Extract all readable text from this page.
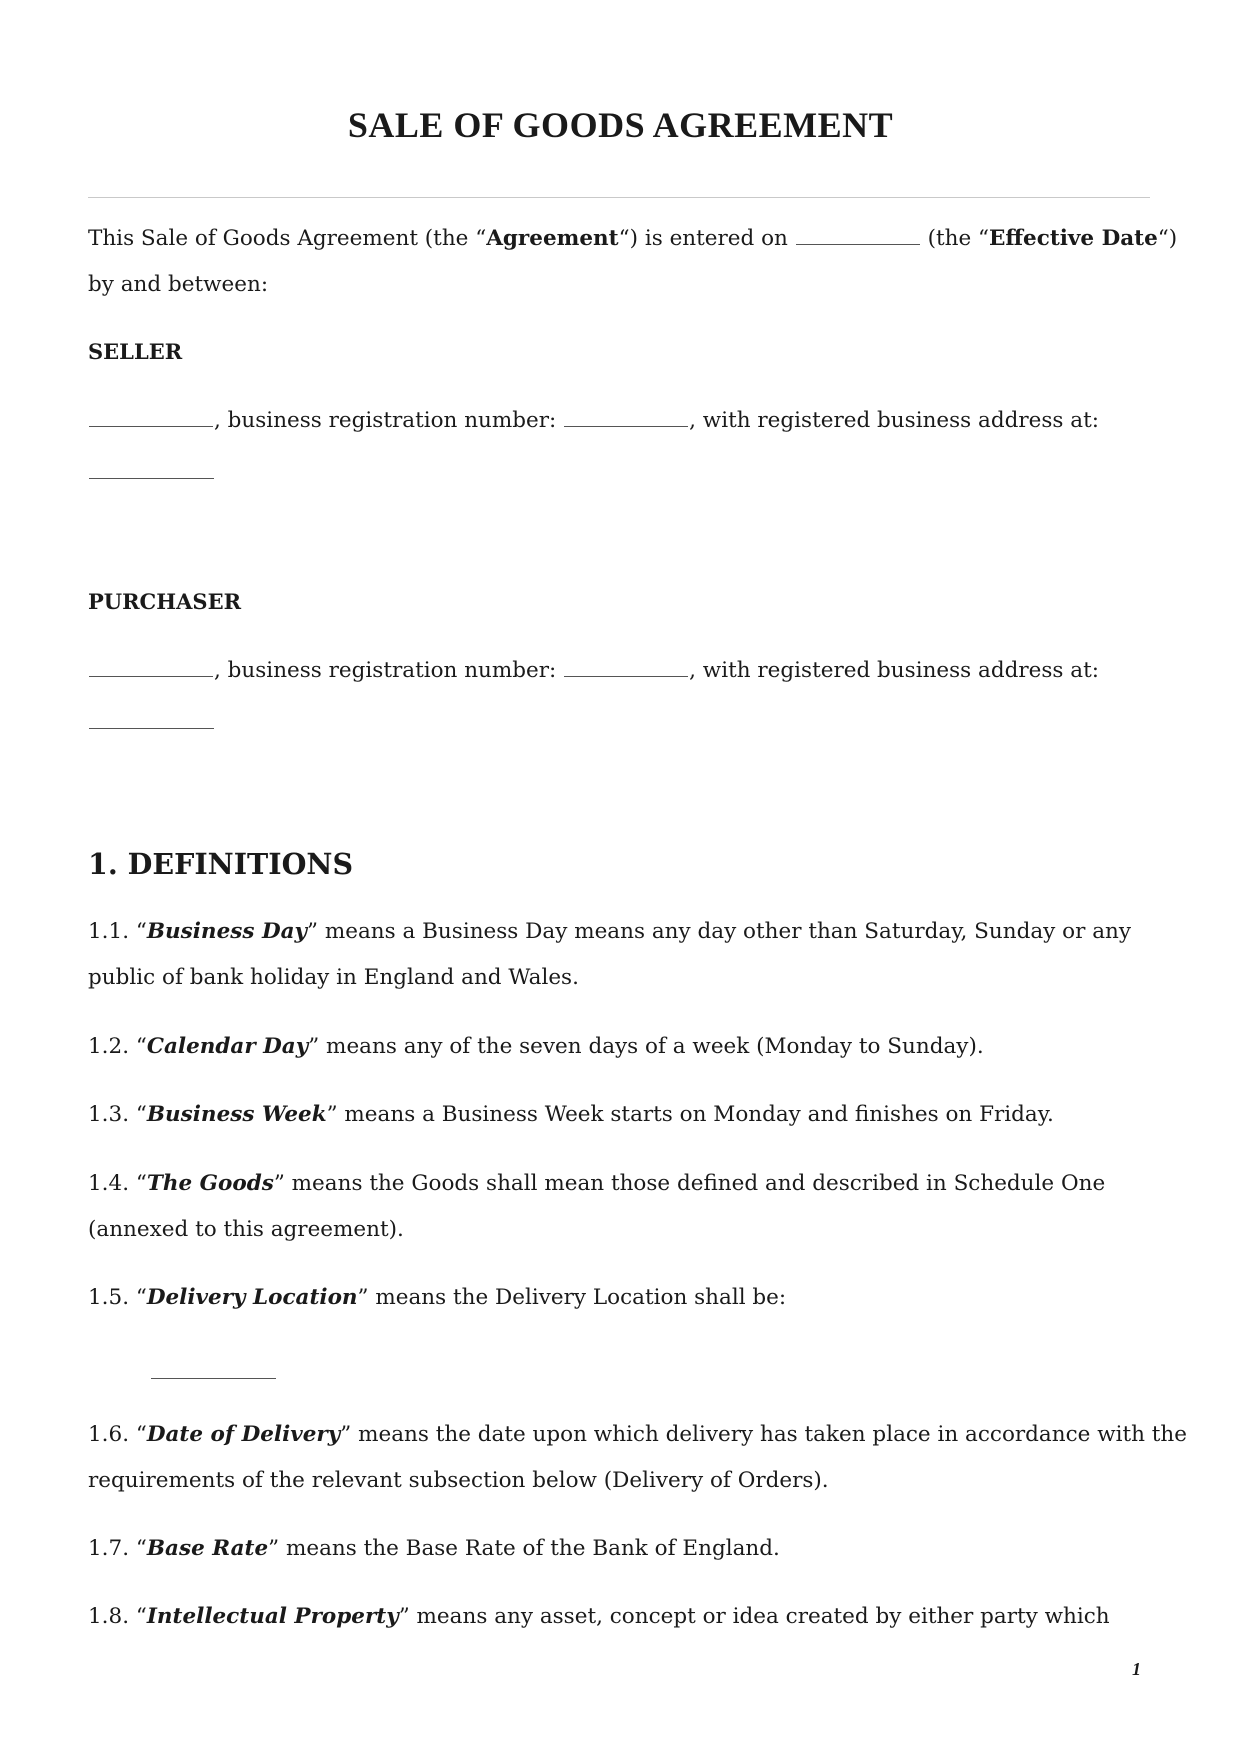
SALE OF GOODS AGREEMENT
This Sale of Goods Agreement (the “Agreement“) is entered on	(the “Effective Date“)
by and between:
SELLER
, business registration number:	, with registered business address at:
PURCHASER
, business registration number:	, with registered business address at:
1. DEFINITIONS
1.1. “Business Day” means a Business Day means any day other than Saturday, Sunday or any
public of bank holiday in England and Wales.
1.2. “Calendar Day” means any of the seven days of a week (Monday to Sunday).
1.3. “Business Week” means a Business Week starts on Monday and finishes on Friday.
1.4. “The Goods” means the Goods shall mean those defined and described in Schedule One
(annexed to this agreement).
1.5. “Delivery Location” means the Delivery Location shall be:
1.6. “Date of Delivery” means the date upon which delivery has taken place in accordance with the
requirements of the relevant subsection below (Delivery of Orders).
1.7. “Base Rate” means the Base Rate of the Bank of England.
1.8. “Intellectual Property” means any asset, concept or idea created by either party which
1
